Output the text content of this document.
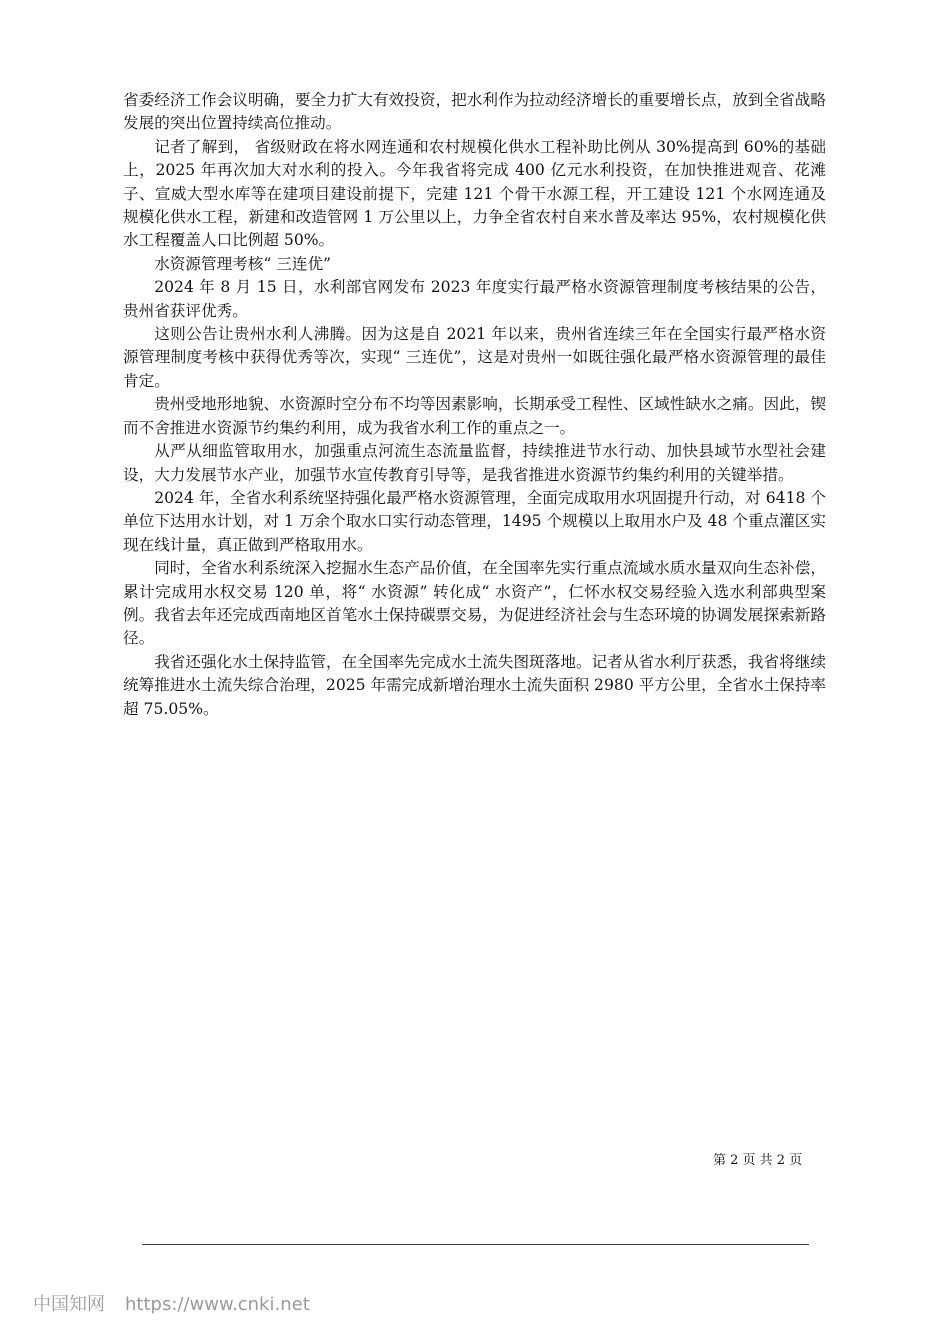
省委经济工作会议明确，要全力扩大有效投资，把水利作为拉动经济增长的重要增长点，放到全省战略发展的突出位置持续高位推动。

记者了解到， 省级财政在将水网连通和农村规模化供水工程补助比例从 30%提高到 60%的基础上，2025 年再次加大对水利的投入。今年我省将完成 400 亿元水利投资，在加快推进观音、花滩子、宣威大型水库等在建项目建设前提下，完建 121 个骨干水源工程，开工建设 121 个水网连通及规模化供水工程，新建和改造管网 1 万公里以上，力争全省农村自来水普及率达 95%，农村规模化供水工程覆盖人口比例超 50%。

水资源管理考核“ 三连优”

2024 年 8 月 15 日，水利部官网发布 2023 年度实行最严格水资源管理制度考核结果的公告，贵州省获评优秀。

这则公告让贵州水利人沸腾。因为这是自 2021 年以来，贵州省连续三年在全国实行最严格水资源管理制度考核中获得优秀等次，实现“ 三连优”，这是对贵州一如既往强化最严格水资源管理的最佳肯定。

贵州受地形地貌、水资源时空分布不均等因素影响，长期承受工程性、区域性缺水之痛。因此，锲而不舍推进水资源节约集约利用，成为我省水利工作的重点之一。

从严从细监管取用水，加强重点河流生态流量监督，持续推进节水行动、加快县域节水型社会建设，大力发展节水产业，加强节水宣传教育引导等，是我省推进水资源节约集约利用的关键举措。

2024 年，全省水利系统坚持强化最严格水资源管理，全面完成取用水巩固提升行动，对 6418 个单位下达用水计划，对 1 万余个取水口实行动态管理，1495 个规模以上取用水户及 48 个重点灌区实现在线计量，真正做到严格取用水。

同时，全省水利系统深入挖掘水生态产品价值，在全国率先实行重点流域水质水量双向生态补偿，累计完成用水权交易 120 单，将“ 水资源” 转化成“ 水资产”，仁怀水权交易经验入选水利部典型案例。我省去年还完成西南地区首笔水土保持碳票交易，为促进经济社会与生态环境的协调发展探索新路径。

我省还强化水土保持监管，在全国率先完成水土流失图斑落地。记者从省水利厅获悉，我省将继续统筹推进水土流失综合治理，2025 年需完成新增治理水土流失面积 2980 平方公里，全省水土保持率超 75.05%。

第 2 页 共 2 页
中国知网 https://www.cnki.net
